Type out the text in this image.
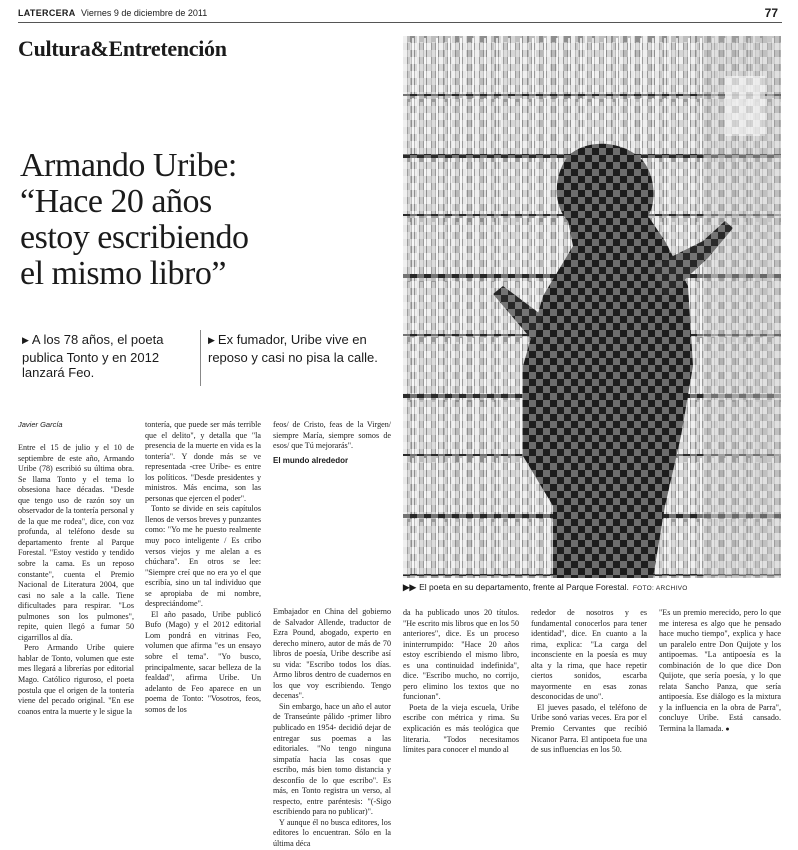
LATERCERA Viernes 9 de diciembre de 2011	77
Cultura&Entretención
▶▶ El poeta en su departamento, frente al Parque Forestal. FOTO: ARCHIVO
Armando Uribe:
“Hace 20 años
estoy escribiendo
el mismo libro”
▶ A los 78 años, el poeta publica Tonto y en 2012 lanzará Feo.
▶ Ex fumador, Uribe vive en reposo y casi no pisa la calle.
Javier García

Entre el 15 de julio y el 10 de septiembre de este año, Armando Uribe (78) escribió su última obra. Se llama Tonto y el tema lo obsesiona hace décadas. "Desde que tengo uso de razón soy un observador de la tontería personal y de la que me rodea", dice, con voz profunda, al teléfono desde su departamento frente al Parque Forestal. "Estoy vestido y tendido sobre la cama. Es un reposo constante", cuenta el Premio Nacional de Literatura 2004, que casi no sale a la calle. Tiene dificultades para respirar. "Los pulmones son los pulmones", repite, quien llegó a fumar 50 cigarrillos al día.

Pero Armando Uribe quiere hablar de Tonto, volumen que este mes llegará a librerías por editorial Mago. Católico riguroso, el poeta postula que el origen de la tontería viene del pecado original. "En ese coanos entra la muerte y le sigue la

tontería, que puede ser más terrible que el delito", y detalla que "la presencia de la muerte en vida es la tontería". Y donde más se ve representada -cree Uribe- es entre los políticos. "Desde presidentes y ministros. Más encima, son las personas que ejercen el poder".

Tonto se divide en seis capítulos llenos de versos breves y punzantes como: "Yo me he puesto realmente muy poco inteligente / Es cribo versos viejos y me alelan a es chúchara". En otros se lee: "Siempre creí que no era yo el que escribía, sino un tal individuo que se apropiaba de mi nombre, despreciándome".

El año pasado, Uribe publicó Bufo (Mago) y el 2012 editorial Lom pondrá en vitrinas Feo, volumen que afirma "es un ensayo sobre el tema". "Yo busco, principalmente, sacar belleza de la fealdad", afirma Uribe. Un adelanto de Feo aparece en un poema de Tonto: "Vosotros, feos, somos de los

feos/ de Cristo, feas de la Virgen/ siempre María, siempre somos de esos/ que Tú mejorarás".

El mundo alrededor

Embajador en China del gobierno de Salvador Allende, traductor de Ezra Pound, abogado, experto en derecho minero, autor de más de 70 libros de poesía, Uribe describe así su vida: "Escribo todos los días. Armo libros dentro de cuadernos en los que voy escribiendo. Tengo decenas".

Sin embargo, hace un año el autor de Transeúnte pálido -primer libro publicado en 1954- decidió dejar de entregar sus poemas a las editoriales. "No tengo ninguna simpatía hacia las cosas que escribo, más bien tomo distancia y desconfío de lo que escribo". Es más, en Tonto registra un verso, al respecto, entre paréntesis: "(-Sigo escribiendo para no publicar)".

Y aunque él no busca editores, los editores lo encuentran. Sólo en la última déca

da ha publicado unos 20 títulos. "He escrito mis libros que en los 50 anteriores", dice. Es un proceso ininterrumpido: "Hace 20 años estoy escribiendo el mismo libro, es una continuidad indefinida", dice. "Escribo mucho, no corrijo, pero elimino los textos que no funcionan".

Poeta de la vieja escuela, Uribe escribe con métrica y rima. Su explicación es más teológica que literaria. "Todos necesitamos límites para conocer el mundo al

rededor de nosotros y es fundamental conocerlos para tener identidad", dice. En cuanto a la rima, explica: "La carga del inconsciente en la poesía es muy alta y la rima, que hace repetir ciertos sonidos, escarba mayormente en esas zonas desconocidas de uno".

El jueves pasado, el teléfono de Uribe sonó varias veces. Era por el Premio Cervantes que recibió Nicanor Parra. El antipoeta fue una de sus influencias en los 50.

"Es un premio merecido, pero lo que me interesa es algo que he pensado hace mucho tiempo", explica y hace un paralelo entre Don Quijote y los antipoemas. "La antipoesía es la combinación de lo que dice Don Quijote, que sería poesía, y lo que relata Sancho Panza, que sería antipoesía. Ese diálogo es la mixtura y la influencia en la obra de Parra", concluye Uribe. Está cansado. Termina la llamada. ●
